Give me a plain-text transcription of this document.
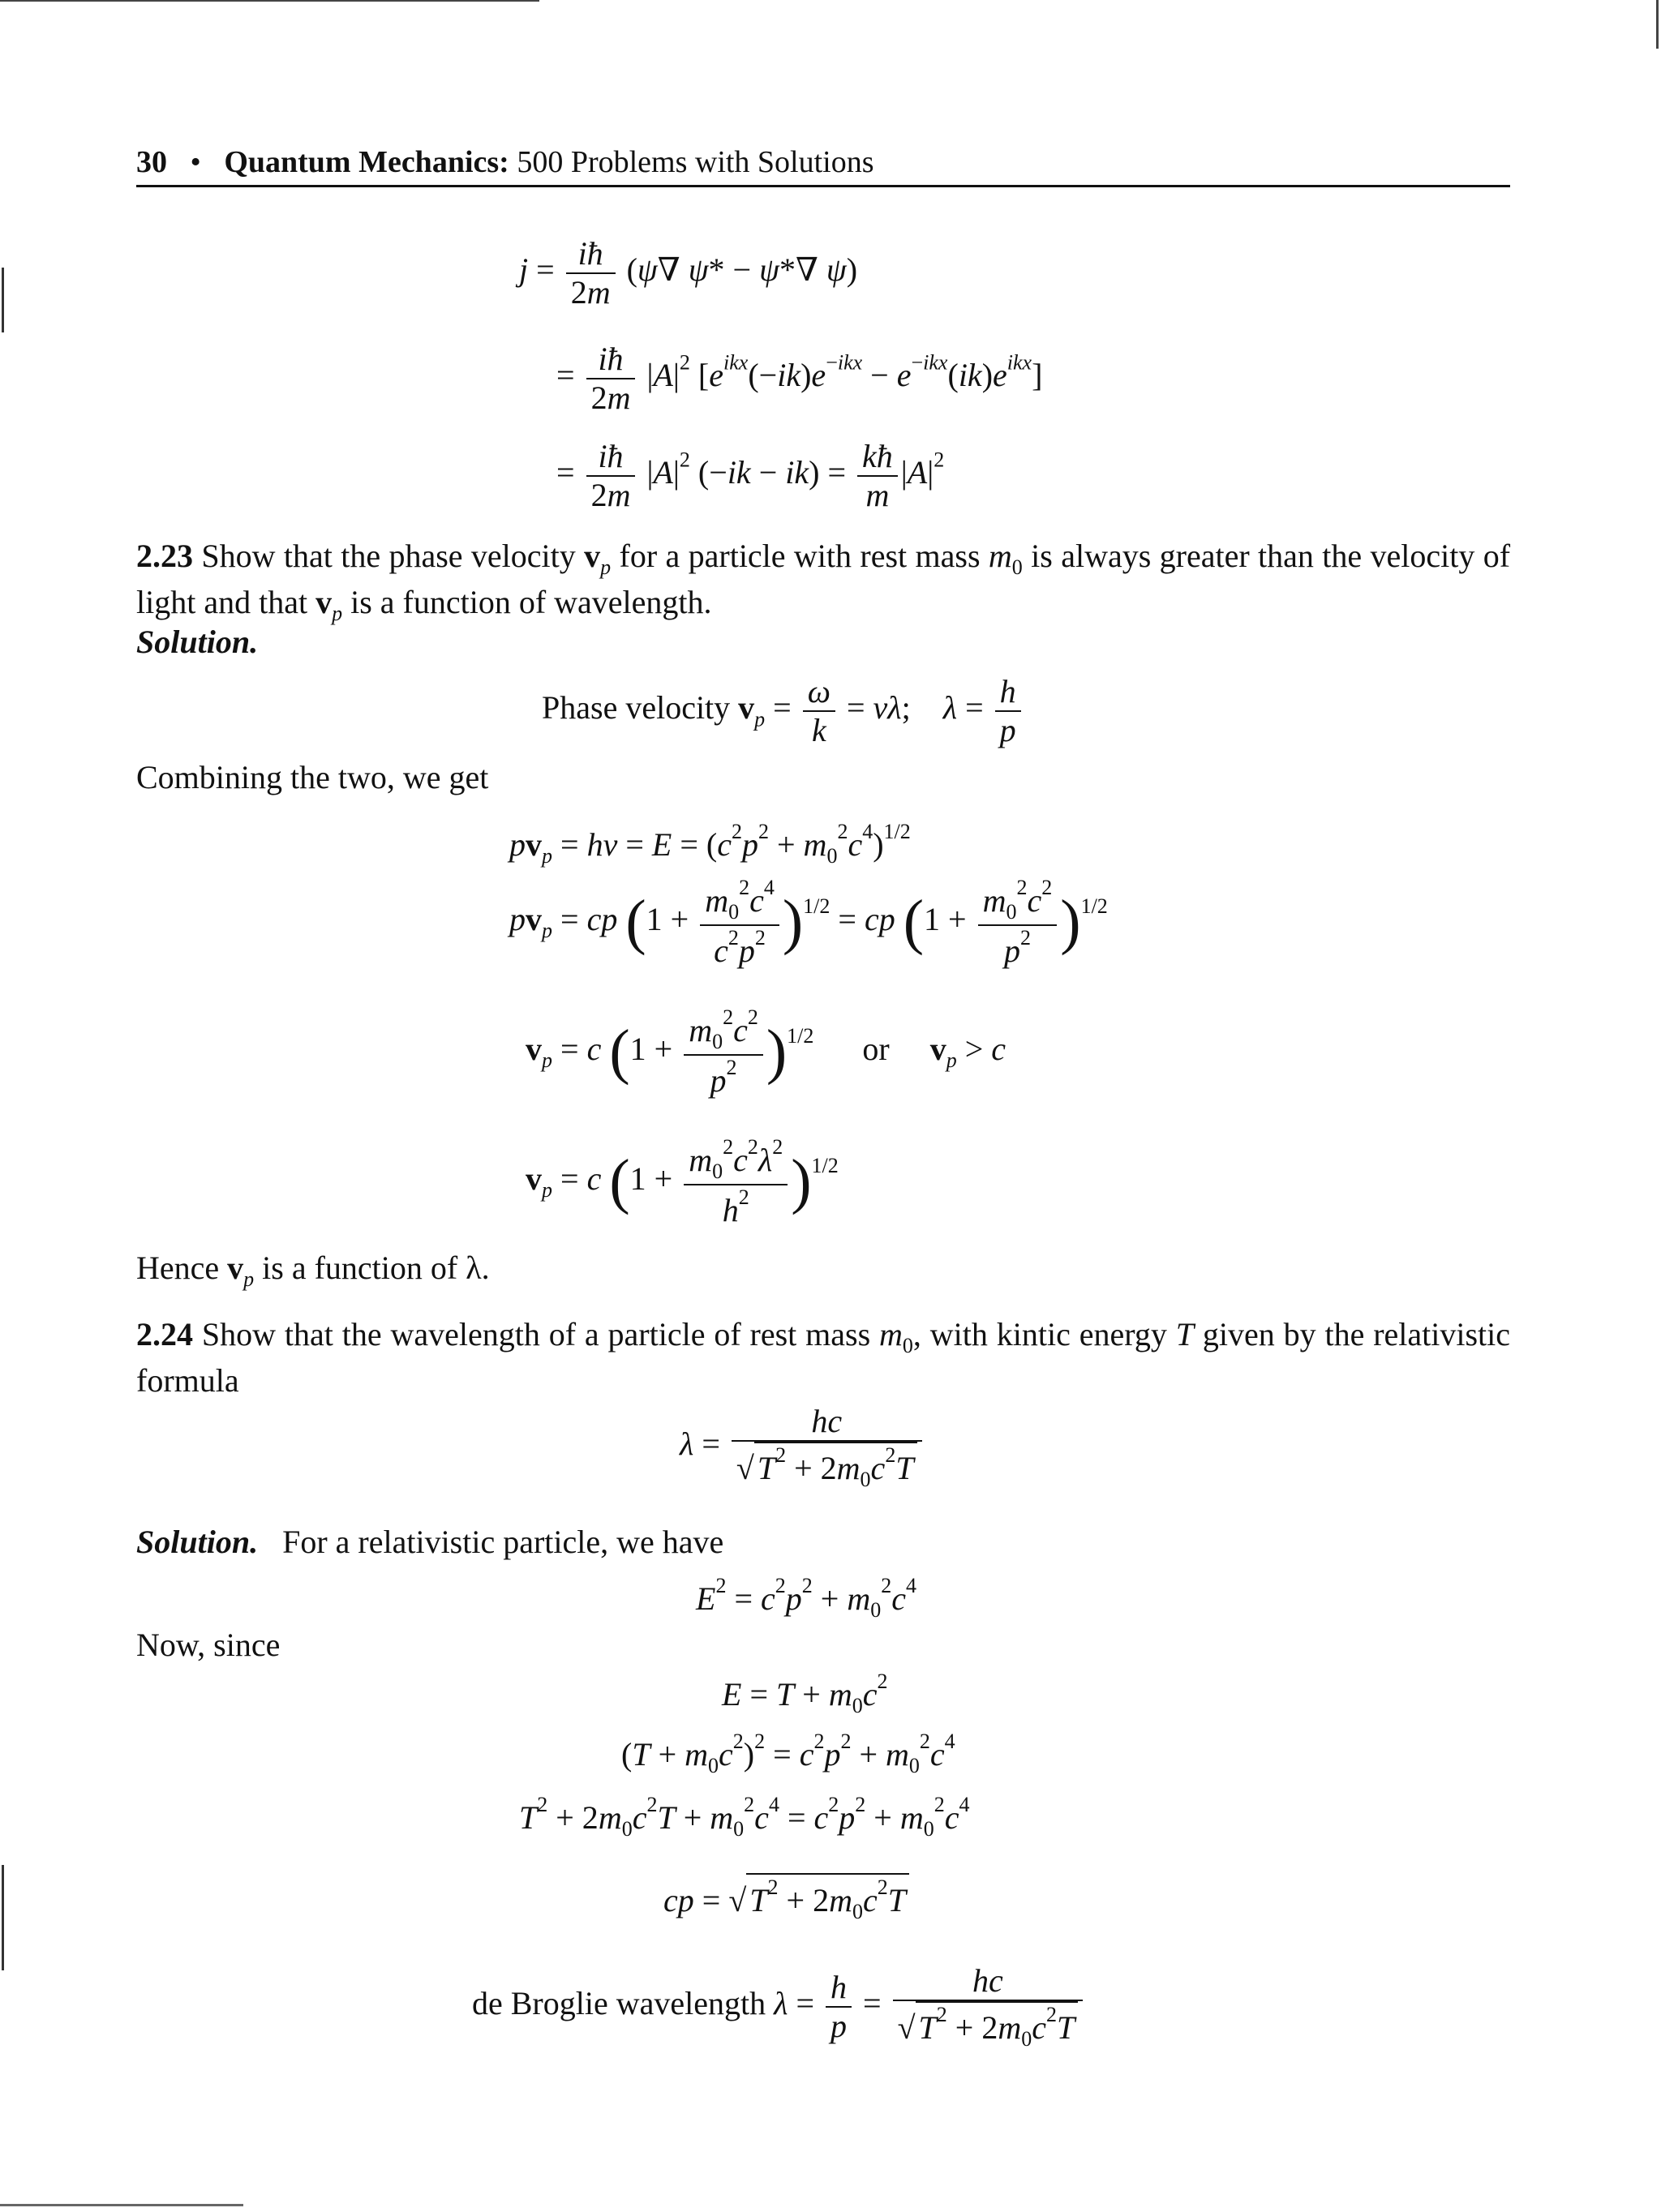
30 • Quantum Mechanics: 500 Problems with Solutions
$j = \frac{iħ}{2m} (\psi\nabla$ ψ* − ψ*∇ ψ)
= $\frac{iħ}{2m} |A|^2$ $[e^{ikx}(-ik)e^{-ikx} - e^{-ikx}(ik)e^{ikx}]$
= $\frac{iħ}{2m} |A|^2$ $(-ik - ik) = \frac{kħ}{m} |A|^2$
2.23 Show that the phase velocity $v_p$ for a particle with rest mass $m_0$ is always greater than the velocity of light and that $v_p$ is a function of wavelength.
Solution.
Phase velocity $v_p = \frac{\omega}{k} = \nu\lambda$;    $\lambda = \frac{h}{p}$
Combining the two, we get
$pv_p = h\nu = E = (c^2p^2 + m_0^2c^4)^{1/2}$
$pv_p$ = cp $(1 + \frac{m_0^2c^4}{c^2p^2} )^{1/2}$ = cp $(1 + \frac{m_0^2c^2}{p^2} )^{1/2}$
$v_p = c$ $(1 + \frac{m_0^2c^2}{p^2} )^{1/2}$ or $v_p > c$
$v_p = c$ $(1 + \frac{m_0^2c^2\lambda^2}{h^2} )^{1/2}$
Hence $v_p$ is a function of λ.
2.24 Show that the wavelength of a particle of rest mass $m_0$, with kintic energy T given by the relativistic formula
$\lambda = \frac{hc}{√ T^2 + 2m_0c^2T}$
Solution. For a relativistic particle, we have
$E^2 = c^2p^2 + m_0^2c^4$
Now, since
$E = T + m_0c^2$
$(T + m_0c^2)^2 = c^2p^2 + m_0^2c^4$
$T^2 + 2m_0c^2T + m_0^2c^4 = c^2p^2 + m_0^2c^4$
cp = √ $T^2 + 2m_0c^2T$
de Broglie wavelength $\lambda = \frac{h}{p} = \frac{hc}{√ T^2 + 2m_0c^2T}$
